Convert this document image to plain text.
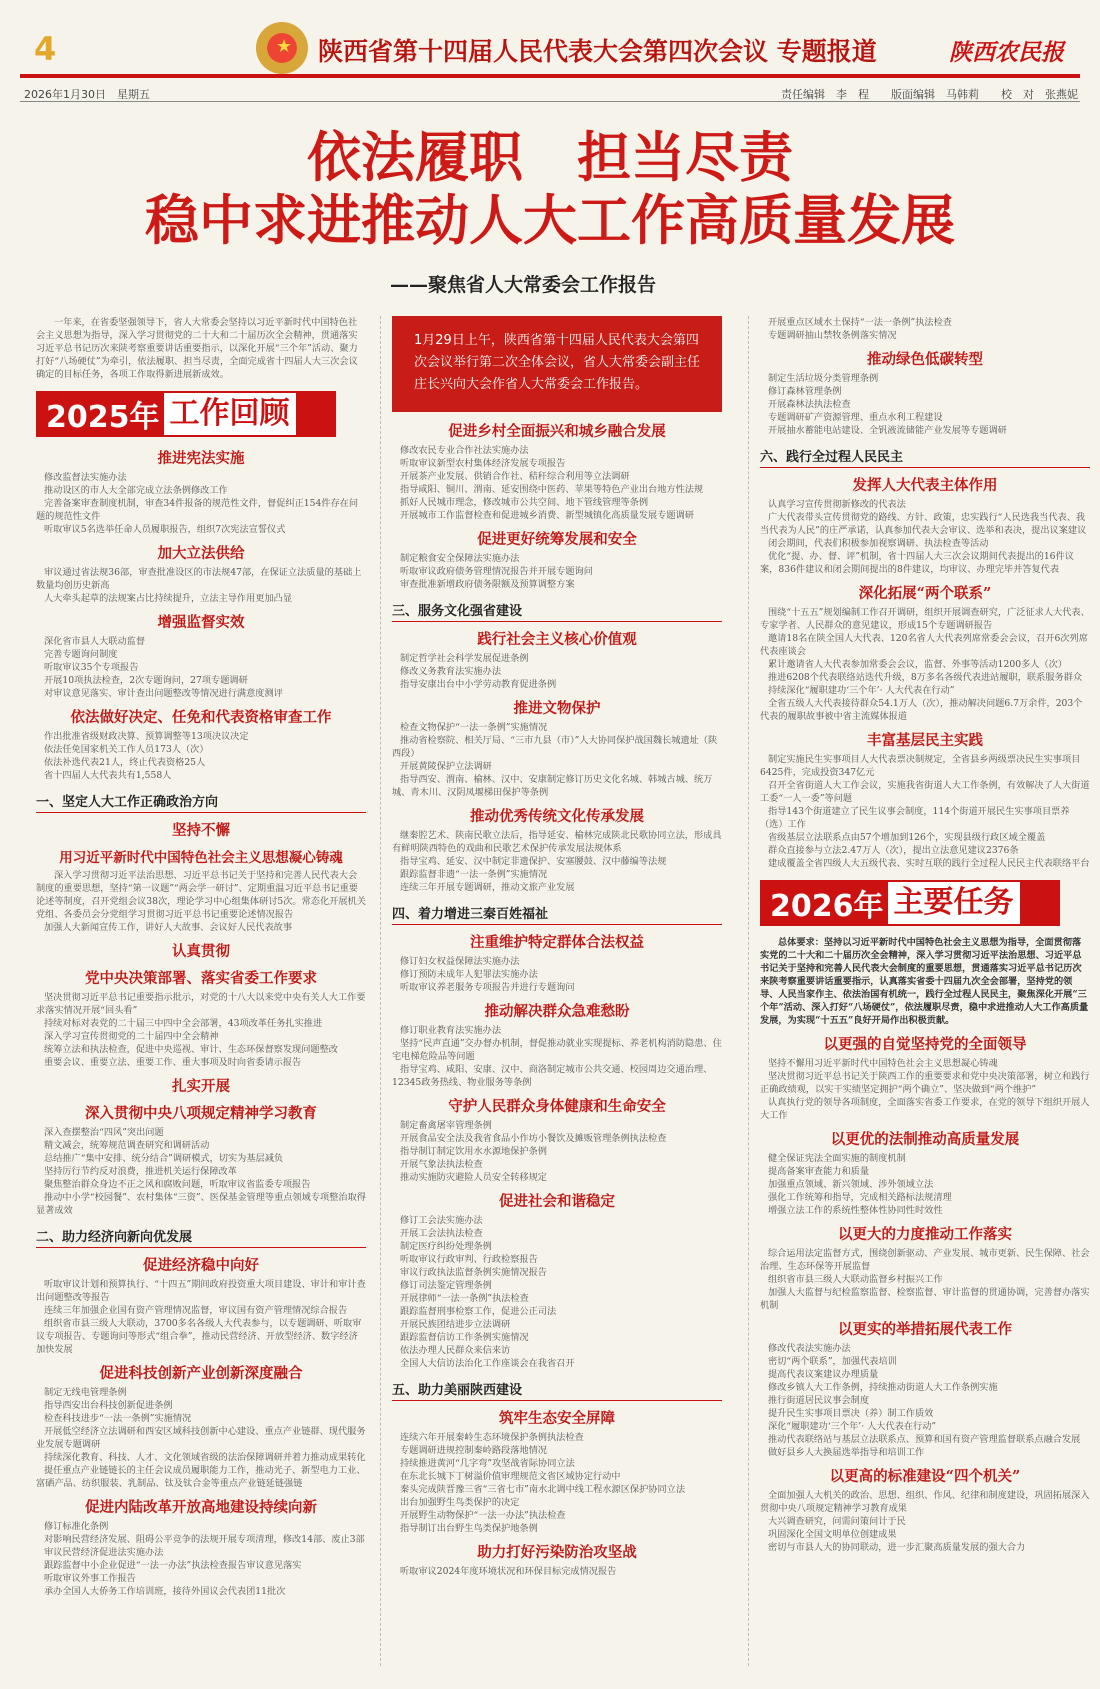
4	★ 陕西省第十四届人民代表大会第四次会议 专题报道	陕西农民报
2026年1月30日　星期五	责任编辑　李　程　　版面编辑　马韩莉　　校　对　张燕妮
依法履职　担当尽责
稳中求进推动人大工作高质量发展
——聚焦省人大常委会工作报告
一年来，在省委坚强领导下，省人大常委会坚持以习近平新时代中国特色社会主义思想为指导，深入学习贯彻党的二十大和二十届历次全会精神，贯通落实习近平总书记历次来陕考察重要讲话重要指示，以深化开展“三个年”活动、聚力打好“八场硬仗”为牵引，依法履职、担当尽责，全面完成省十四届人大三次会议确定的目标任务，各项工作取得新进展新成效。
2025年 工作回顾
推进宪法实施
修改监督法实施办法
推动设区的市人大全部完成立法条例修改工作
完善备案审查制度机制，审查34件报备的规范性文件，督促纠正154件存在问题的规范性文件
听取审议5名选举任命人员履职报告，组织7次宪法宣誓仪式
加大立法供给
审议通过省法规36部，审查批准设区的市法规47部，在保证立法质量的基础上数量均创历史新高
人大牵头起草的法规案占比持续提升，立法主导作用更加凸显
增强监督实效
深化省市县人大联动监督
完善专题询问制度
听取审议35个专项报告
开展10项执法检查，2次专题询问，27项专题调研
对审议意见落实、审计查出问题整改等情况进行满意度测评
依法做好决定、任免和代表资格审查工作
作出批准省级财政决算、预算调整等13项决议决定
依法任免国家机关工作人员173人（次）
依法补选代表21人，终止代表资格25人
省十四届人大代表共有1,558人
一、坚定人大工作正确政治方向
坚持不懈
用习近平新时代中国特色社会主义思想凝心铸魂
深入学习贯彻习近平法治思想、习近平总书记关于坚持和完善人民代表大会制度的重要思想，坚持“第一议题”“两会学一研讨”、定期重温习近平总书记重要论述等制度，召开党组会议38次，理论学习中心组集体研讨5次。常态化开展机关党组、各委员会分党组学习贯彻习近平总书记重要论述情况报告
加强人大新闻宣传工作，讲好人大故事、会议好人民代表故事
认真贯彻
党中央决策部署、落实省委工作要求
坚决贯彻习近平总书记重要指示批示，对党的十八大以来党中央有关人大工作要求落实情况开展“回头看”
持续对标对表党的二十届三中四中全会部署，43项改革任务扎实推进
深入学习宣传贯彻党的二十届四中全会精神
统筹立法和执法检查，促进中央巡视、审计、生态环保督察发现问题整改
重要会议、重要立法、重要工作、重大事项及时向省委请示报告
扎实开展
深入贯彻中央八项规定精神学习教育
深入查摆整治“四风”突出问题
精文减会，统筹规范调查研究和调研活动
总结推广“集中安排、统分结合”调研模式，切实为基层减负
坚持厉行节约反对浪费，推进机关运行保障改革
聚焦整治群众身边不正之风和腐败问题，听取审议省监委专项报告
推动中小学“校园餐”、农村集体“三资”、医保基金管理等重点领域专项整治取得显著成效
二、助力经济向新向优发展
促进经济稳中向好
听取审议计划和预算执行、“十四五”期间政府投资重大项目建设、审计和审计查出问题整改等报告
连续三年加强企业国有资产管理情况监督，审议国有资产管理情况综合报告
组织省市县三级人大联动，3700多名各级人大代表参与，以专题调研、听取审议专项报告、专题询问等形式“组合拳”，推动民营经济、开放型经济、数字经济加快发展
促进科技创新产业创新深度融合
制定无线电管理条例
指导西安出台科技创新促进条例
检查科技进步“一法一条例”实施情况
开展低空经济立法调研和西安区域科技创新中心建设、重点产业链群、现代服务业发展专题调研
持续深化教育、科技、人才、文化领域省级的法治保障调研并着力推动成果转化
提任重点产业链链长的主任会议成员履职能力工作，推动光子、新型电力工业、富硒产品、纺织服装、乳制品、钛及钛合金等重点产业链延链强链
促进内陆改革开放高地建设持续向新
修订标准化条例
对影响民营经济发展、阻碍公平竞争的法规开展专项清理，修改14部、废止3部
审议民营经济促进法实施办法
跟踪监督中小企业促进“一法一办法”执法检查报告审议意见落实
听取审议外事工作报告
承办全国人大侨务工作培训班，接待外国议会代表团11批次
1月29日上午，陕西省第十四届人民代表大会第四次会议举行第二次全体会议，省人大常委会副主任庄长兴向大会作省人大常委会工作报告。
促进乡村全面振兴和城乡融合发展
修改农民专业合作社法实施办法
听取审议新型农村集体经济发展专项报告
开展茶产业发展、供销合作社、秸秆综合利用等立法调研
指导咸阳、铜川、渭南、延安围绕中医药、苹果等特色产业出台地方性法规
抓好人民城市理念，修改城市公共空间、地下管线管理等条例
开展城市工作监督检查和促进城乡消费、新型城镇化高质量发展专题调研
促进更好统筹发展和安全
制定粮食安全保障法实施办法
听取审议政府债务管理情况报告并开展专题询问
审查批准新增政府债务限额及预算调整方案
三、服务文化强省建设
践行社会主义核心价值观
制定哲学社会科学发展促进条例
修改义务教育法实施办法
指导安康出台中小学劳动教育促进条例
推进文物保护
检查文物保护“一法一条例”实施情况
推动省检察院、相关厅局、“三市九县（市）”人大协同保护战国魏长城遗址（陕西段）
开展黄陵保护立法调研
指导西安、渭南、榆林、汉中、安康制定修订历史文化名城、韩城古城、统万城、青木川、汉阴凤堰梯田保护等条例
推动优秀传统文化传承发展
继秦腔艺术、陕南民歌立法后，指导延安、榆林完成陕北民歌协同立法，形成具有鲜明陕西特色的戏曲和民歌艺术保护传承发展法规体系
指导宝鸡、延安、汉中制定非遗保护、安塞腰鼓、汉中藤编等法规
跟踪监督非遗“一法一条例”实施情况
连续三年开展专题调研，推动文旅产业发展
四、着力增进三秦百姓福祉
注重维护特定群体合法权益
修订妇女权益保障法实施办法
修订预防未成年人犯罪法实施办法
听取审议养老服务专项报告并进行专题询问
推动解决群众急难愁盼
修订职业教育法实施办法
坚持“民声直通”交办督办机制，督促推动就业实现提标、养老机构消防隐患、住宅电梯危险品等问题
指导宝鸡、咸阳、安康、汉中、商洛制定城市公共交通、校园周边交通治理、12345政务热线、物业服务等条例
守护人民群众身体健康和生命安全
制定畜禽屠宰管理条例
开展食品安全法及我省食品小作坊小餐饮及摊贩管理条例执法检查
指导制订制定饮用水水源地保护条例
开展气象法执法检查
推动实施防灾避险人员安全转移规定
促进社会和谐稳定
修订工会法实施办法
开展工会法执法检查
制定医疗纠纷处理条例
听取审议行政审判、行政检察报告
审议行政执法监督条例实施情况报告
修订司法鉴定管理条例
开展律师“一法一条例”执法检查
跟踪监督刑事检察工作，促进公正司法
开展民族团结进步立法调研
跟踪监督信访工作条例实施情况
依法办理人民群众来信来访
全国人大信访法治化工作座谈会在我省召开
五、助力美丽陕西建设
筑牢生态安全屏障
连续六年开展秦岭生态环境保护条例执法检查
专题调研进规控制秦岭路段落地情况
持续推进黄河“几字弯”攻坚战省际协同立法
在东北长城下丁树溢价值审理规范文省区域协定行动中
秦头完成陕晋豫三省“三省七市”南水北调中线工程水源区保护协同立法
出台加强野生鸟类保护的决定
开展野生动物保护“一法一办法”执法检查
指导制订出台野生鸟类保护地条例
助力打好污染防治攻坚战
听取审议2024年度环境状况和环保目标完成情况报告
开展重点区域水土保持“一法一条例”执法检查
专题调研抽山禁牧条例落实情况
推动绿色低碳转型
制定生活垃圾分类管理条例
修订森林管理条例
开展森林法执法检查
专题调研矿产资源管理、重点水利工程建设
开展抽水蓄能电站建设、全钒液流储能产业发展等专题调研
六、践行全过程人民民主
发挥人大代表主体作用
认真学习宣传贯彻新修改的代表法
广大代表带头宣传贯彻党的路线、方针、政策，忠实践行“人民选我当代表、我当代表为人民”的庄严承诺，认真参加代表大会审议、选举和表决，提出议案建议
闭会期间，代表们积极参加视察调研、执法检查等活动
优化“提、办、督、评”机制，省十四届人大三次会议期间代表提出的16件议案，836件建议和闭会期间提出的8件建议，均审议、办理完毕并答复代表
深化拓展“两个联系”
围绕“十五五”规划编制工作召开调研，组织开展调查研究，广泛征求人大代表、专家学者、人民群众的意见建议，形成15个专题调研报告
邀请18名在陕全国人大代表、120名省人大代表列席常委会会议，召开6次列席代表座谈会
累计邀请省人大代表参加常委会会议，监督、外事等活动1200多人（次）
推进6208个代表联络站迭代升级，8万多名各级代表进站履职，联系服务群众
持续深化“履职建功‘三个年’· 人大代表在行动”
全省五级人大代表接待群众54.1万人（次），推动解决问题6.7万余件，203个代表的履职故事被中省主流媒体报道
丰富基层民主实践
制定实施民生实事项目人大代表票决制规定，全省县乡两级票决民生实事项目6425件，完成投资347亿元
召开全省街道人大工作会议，实施我省街道人大工作条例，有效解决了人大街道工委“一人一委”等问题
指导143个街道建立了民生议事会制度，114个街道开展民生实事项目票养（选）工作
省级基层立法联系点由57个增加到126个，实现县级行政区域全覆盖
群众直接参与立法2.47万人（次），提出立法意见建议2376条
建成覆盖全省四级人大五级代表、实时互联的践行全过程人民民主代表联络平台
2026年 主要任务
总体要求：坚持以习近平新时代中国特色社会主义思想为指导，全面贯彻落实党的二十大和二十届历次全会精神，深入学习贯彻习近平法治思想、习近平总书记关于坚持和完善人民代表大会制度的重要思想，贯通落实习近平总书记历次来陕考察重要讲话重要指示，认真落实省委十四届九次全会部署，坚持党的领导、人民当家作主、依法治国有机统一，践行全过程人民民主，聚焦深化开展“三个年”活动、深入打好“八场硬仗”，依法履职尽责，稳中求进推动人大工作高质量发展，为实现“十五五”良好开局作出积极贡献。
以更强的自觉坚持党的全面领导
坚持不懈用习近平新时代中国特色社会主义思想凝心铸魂
坚决贯彻习近平总书记关于陕西工作的重要要求和党中央决策部署，树立和践行正确政绩观，以实干实绩坚定拥护“两个确立”、坚决做到“两个维护”
认真执行党的领导各项制度，全面落实省委工作要求，在党的领导下组织开展人大工作
以更优的法制推动高质量发展
健全保证宪法全面实施的制度机制
提高备案审查能力和质量
加强重点领域、新兴领域、涉外领域立法
强化工作统筹和指导，完成相关路标法规清理
增强立法工作的系统性整体性协同性时效性
以更大的力度推动工作落实
综合运用法定监督方式，围绕创新驱动、产业发展、城市更新、民生保障、社会治理、生态环保等开展监督
组织省市县三级人大联动监督乡村振兴工作
加强人大监督与纪检监察监督、检察监督、审计监督的贯通协调，完善督办落实机制
以更实的举措拓展代表工作
修改代表法实施办法
密切“两个联系”，加强代表培训
提高代表议案建议办理质量
修改乡镇人大工作条例，持续推动街道人大工作条例实施
推行街道居民议事会制度
提升民生实事项目票决（养）制工作质效
深化“履职建功‘三个年’· 人大代表在行动”
推动代表联络站与基层立法联系点、预算和国有资产管理监督联系点融合发展
做好县乡人大换届选举指导和培训工作
以更高的标准建设“四个机关”
全面加强人大机关的政治、思想、组织、作风、纪律和制度建设，巩固拓展深入贯彻中央八项规定精神学习教育成果
大兴调查研究，问需问策问计于民
巩固深化全国文明单位创建成果
密切与市县人大的协同联动，进一步汇聚高质量发展的强大合力
